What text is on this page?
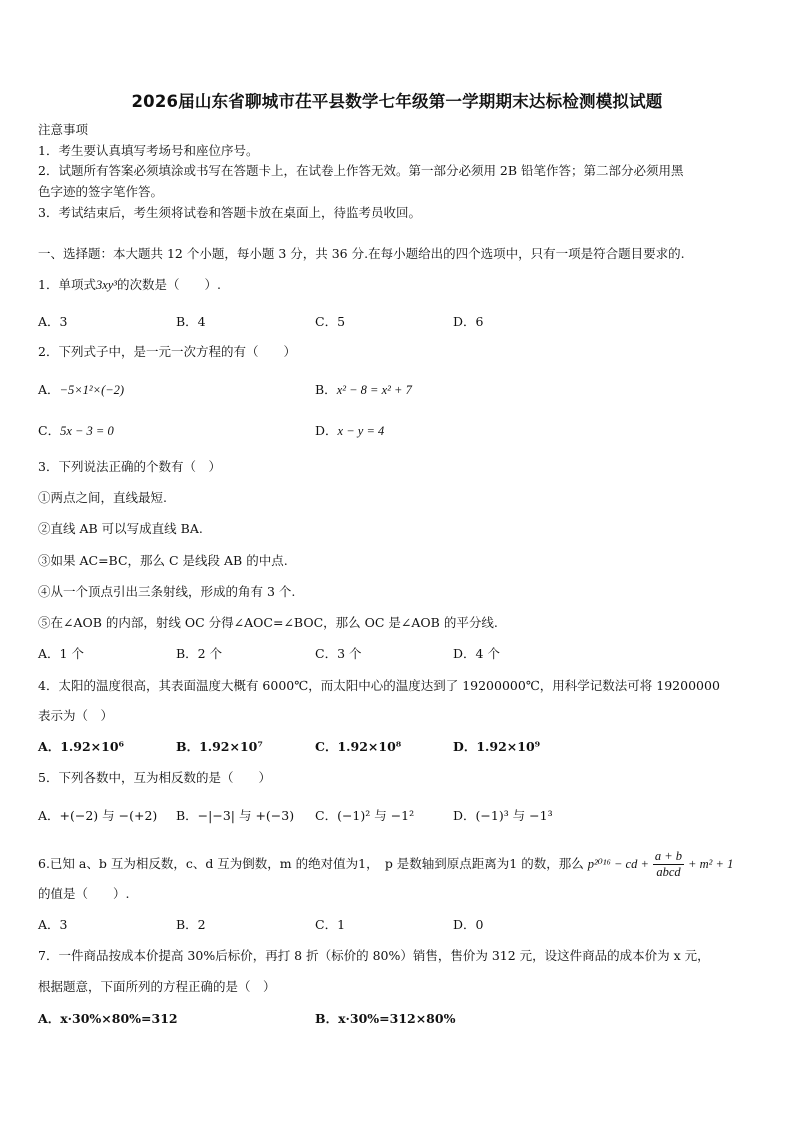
2026届山东省聊城市茌平县数学七年级第一学期期末达标检测模拟试题
注意事项
1．考生要认真填写考场号和座位序号。
2．试题所有答案必须填涂或书写在答题卡上，在试卷上作答无效。第一部分必须用 2B 铅笔作答；第二部分必须用黑
色字迹的签字笔作答。
3．考试结束后，考生须将试卷和答题卡放在桌面上，待监考员收回。
一、选择题：本大题共 12 个小题，每小题 3 分，共 36 分.在每小题给出的四个选项中，只有一项是符合题目要求的.
1．单项式3xy³的次数是（　　）.
A．3	B．4	C．5	D．6
2．下列式子中，是一元一次方程的有（　　）
A．−5×1²×(−2)	B．x² − 8 = x² + 7
C．5x − 3 = 0	D．x − y = 4
3．下列说法正确的个数有（　）
①两点之间，直线最短.
②直线 AB 可以写成直线 BA.
③如果 AC=BC，那么 C 是线段 AB 的中点.
④从一个顶点引出三条射线，形成的角有 3 个.
⑤在∠AOB 的内部，射线 OC 分得∠AOC=∠BOC，那么 OC 是∠AOB 的平分线.
A．1 个	B．2 个	C．3 个	D．4 个
4．太阳的温度很高，其表面温度大概有 6000℃，而太阳中心的温度达到了 19200000℃，用科学记数法可将 19200000
表示为（　）
A．1.92×10⁶	B．1.92×10⁷	C．1.92×10⁸	D．1.92×10⁹
5．下列各数中，互为相反数的是（　　）
A．+(−2) 与 −(+2) B．−|−3| 与 +(−3) C．(−1)² 与 −1²	D．(−1)³ 与 −1³
6.已知 a、b 互为相反数，c、d 互为倒数，m 的绝对值为1，　p 是数轴到原点距离为1 的数，那么 p²⁰¹⁶ − cd + $\frac{a + b}{\text{abcd}} + m^2 + 1$
的值是（　　）.
A．3	B．2	C．1	D．0
7．一件商品按成本价提高 30%后标价，再打 8 折（标价的 80%）销售，售价为 312 元，设这件商品的成本价为 x 元，
根据题意，下面所列的方程正确的是（　）
A．x·30%×80%=312	B．x·30%=312×80%
